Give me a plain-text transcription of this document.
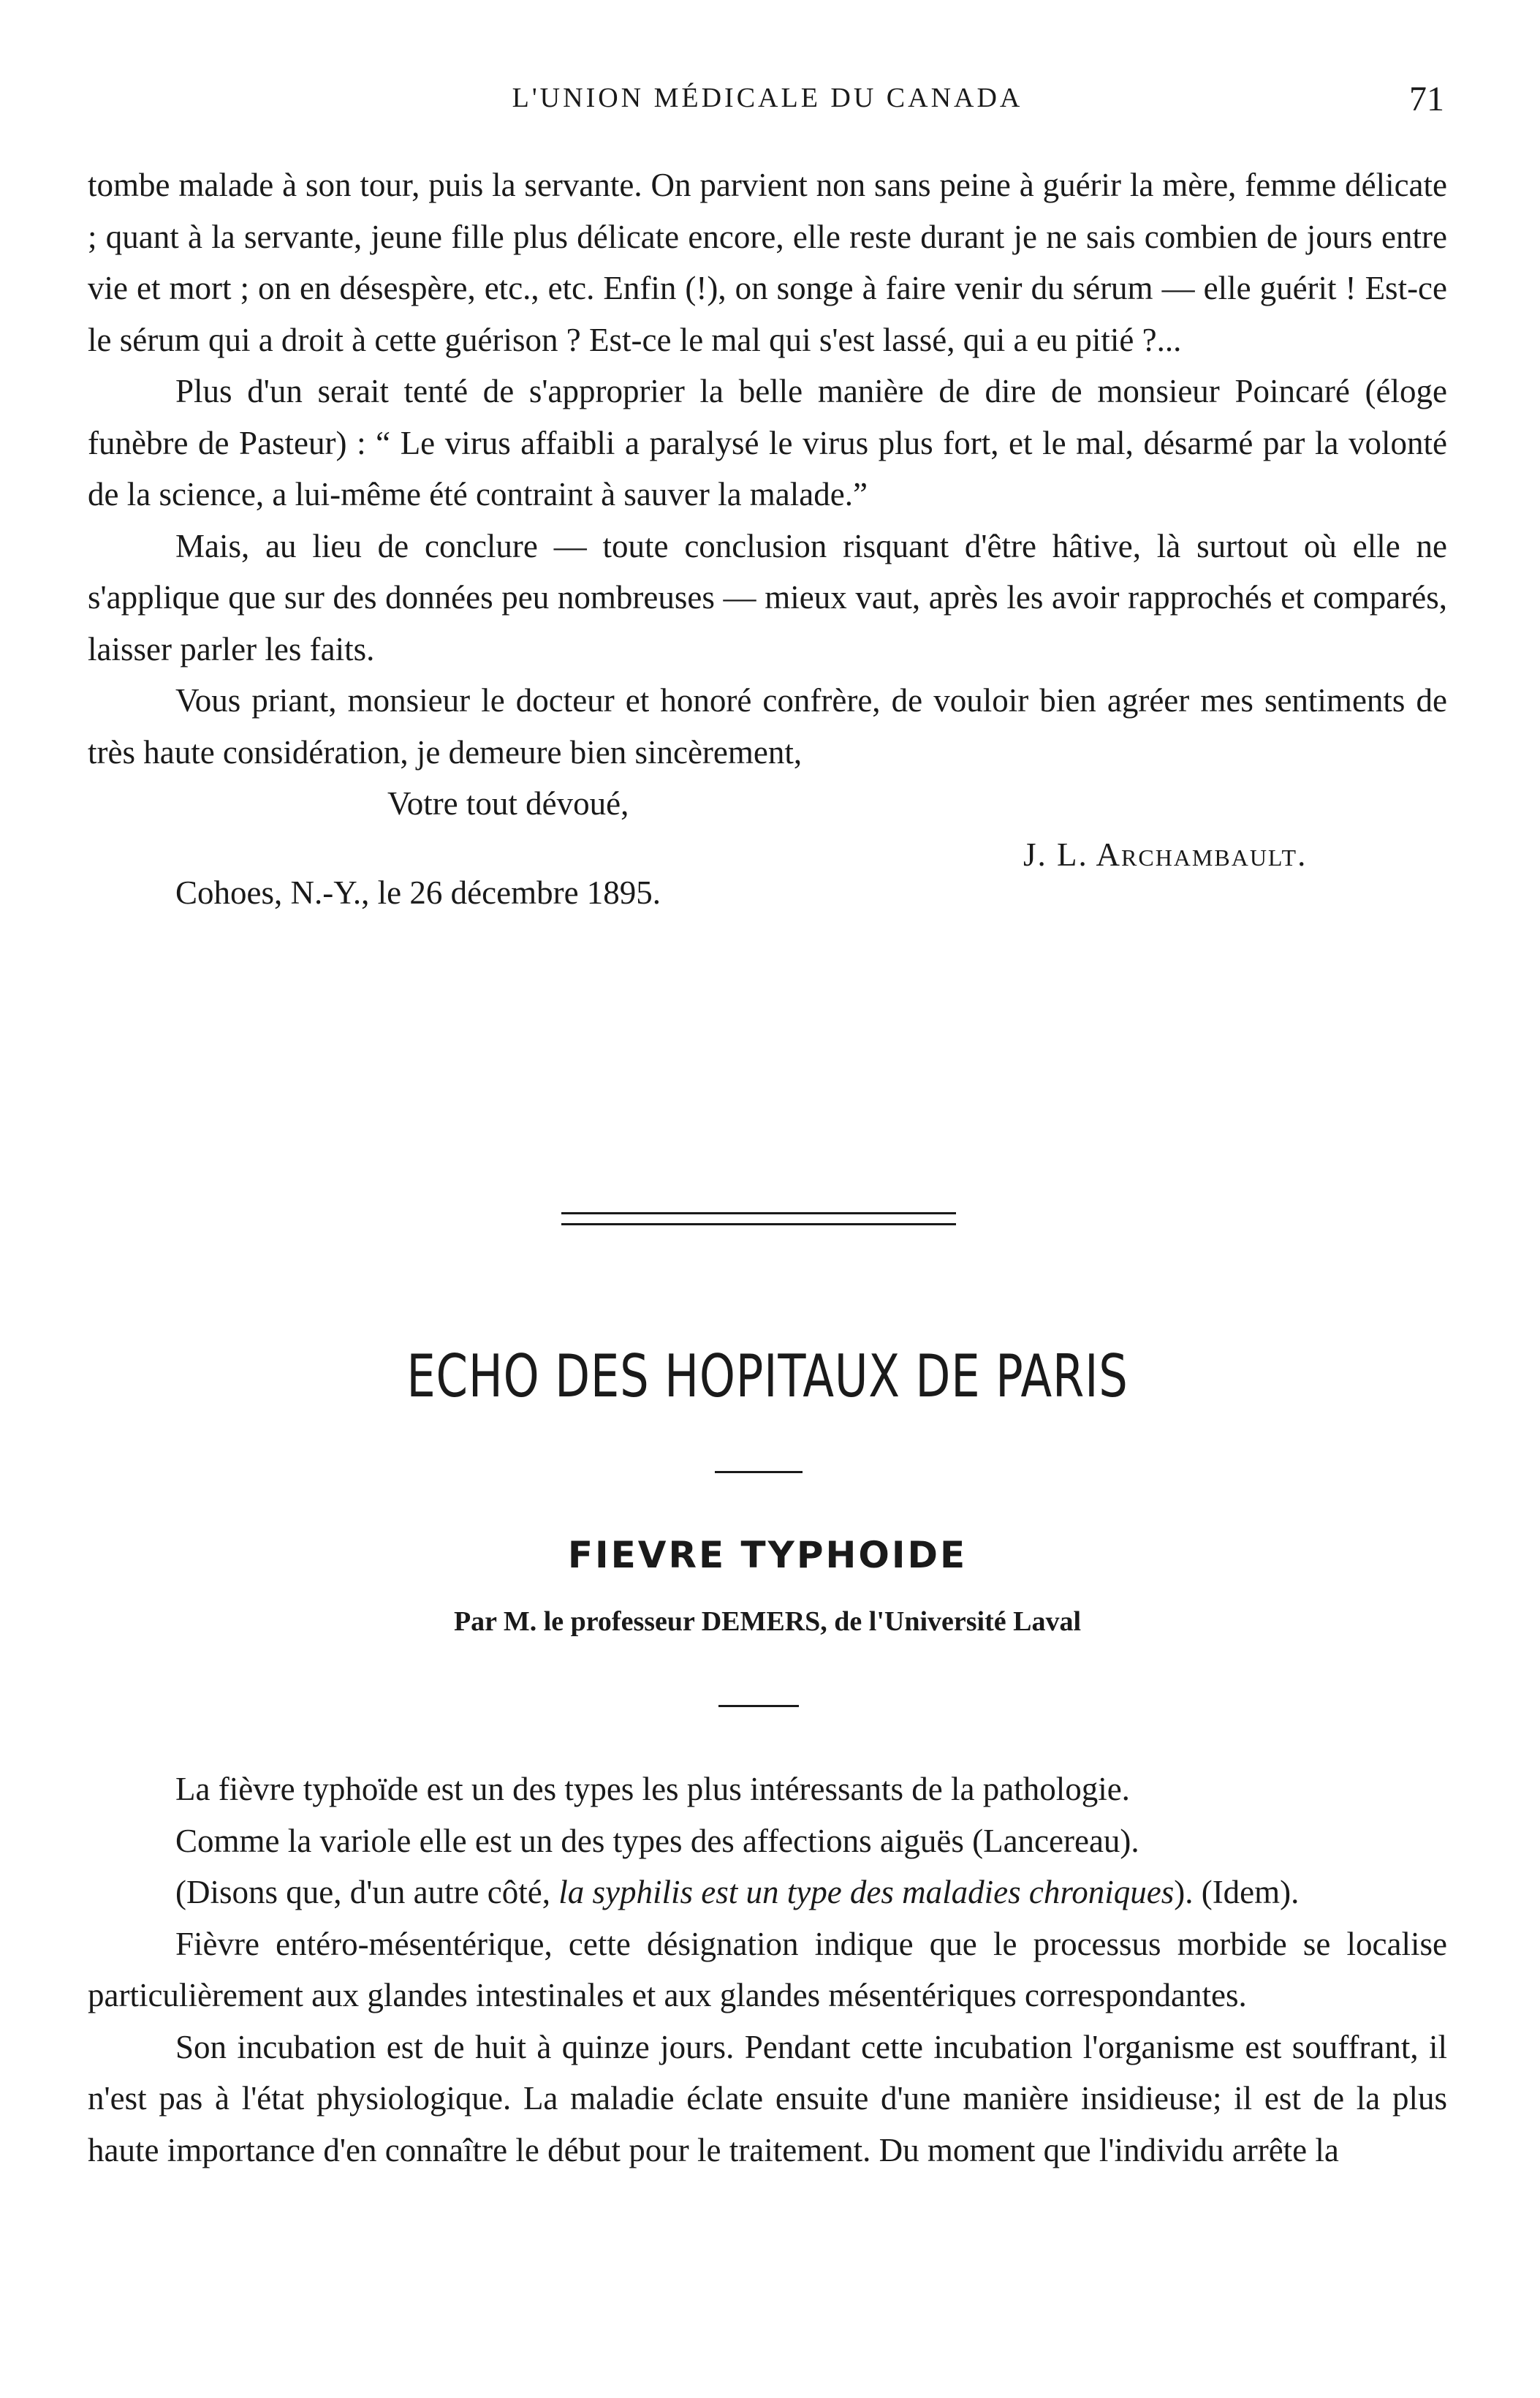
L'UNION MÉDICALE DU CANADA	71

tombe malade à son tour, puis la servante. On parvient non sans peine à guérir la mère, femme délicate ; quant à la servante, jeune fille plus délicate encore, elle reste durant je ne sais combien de jours entre vie et mort ; on en désespère, etc., etc. Enfin (!), on songe à faire venir du sérum — elle guérit ! Est-ce le sérum qui a droit à cette guérison ? Est-ce le mal qui s'est lassé, qui a eu pitié ?...

Plus d'un serait tenté de s'approprier la belle manière de dire de monsieur Poincaré (éloge funèbre de Pasteur) : “ Le virus affaibli a paralysé le virus plus fort, et le mal, désarmé par la volonté de la science, a lui-même été contraint à sauver la malade.”

Mais, au lieu de conclure — toute conclusion risquant d'être hâtive, là surtout où elle ne s'applique que sur des données peu nombreuses — mieux vaut, après les avoir rapprochés et comparés, laisser parler les faits.

Vous priant, monsieur le docteur et honoré confrère, de vouloir bien agréer mes sentiments de très haute considération, je demeure bien sincèrement,

Votre tout dévoué,
J. L. Archambault.
Cohoes, N.-Y., le 26 décembre 1895.
ECHO DES HOPITAUX DE PARIS
FIEVRE TYPHOIDE
Par M. le professeur DEMERS, de l'Université Laval

La fièvre typhoïde est un des types les plus intéressants de la pathologie.

Comme la variole elle est un des types des affections aiguës (Lancereau).

(Disons que, d'un autre côté, la syphilis est un type des maladies chroniques). (Idem).

Fièvre entéro-mésentérique, cette désignation indique que le processus morbide se localise particulièrement aux glandes intestinales et aux glandes mésentériques correspondantes.

Son incubation est de huit à quinze jours. Pendant cette incubation l'organisme est souffrant, il n'est pas à l'état physiologique. La maladie éclate ensuite d'une manière insidieuse; il est de la plus haute importance d'en connaître le début pour le traitement. Du moment que l'individu arrête la
